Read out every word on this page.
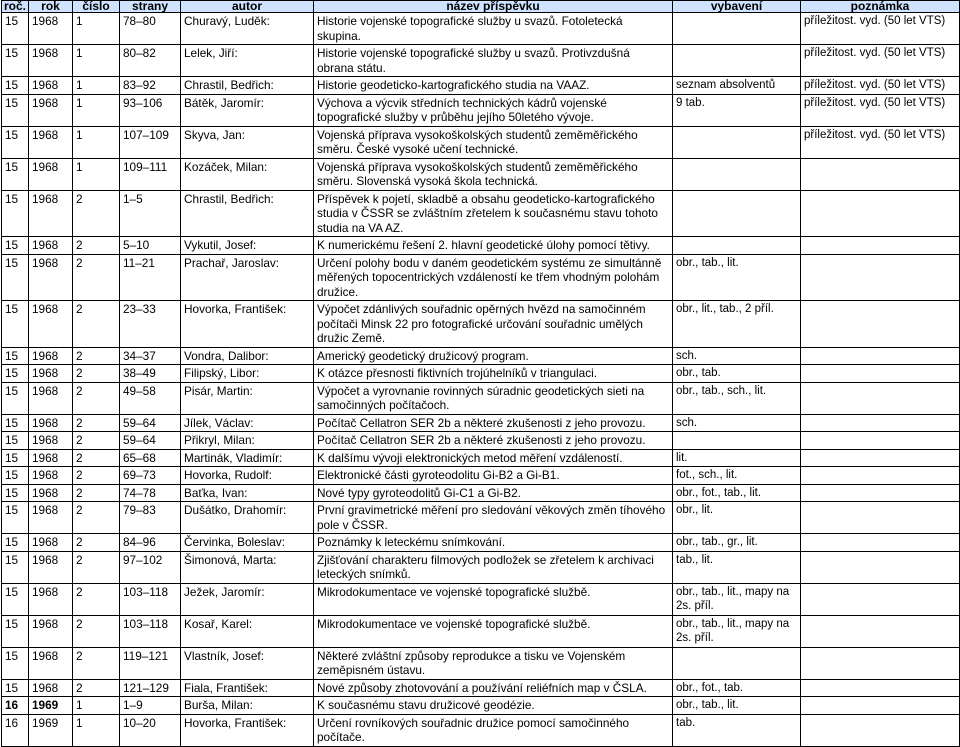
roč.	rok	číslo	strany	autor	název příspěvku	vybavení	poznámka
15	1968	1	78–80	Churavý, Luděk:	Historie vojenské topografické služby u svazů. Fotoletecká skupina.		příležitost. vyd. (50 let VTS)
15	1968	1	80–82	Lelek, Jiří:	Historie vojenské topografické služby u svazů. Protivzdušná obrana státu.		příležitost. vyd. (50 let VTS)
15	1968	1	83–92	Chrastil, Bedřich:	Historie geodeticko-kartografického studia na VAAZ.	seznam absolventů	příležitost. vyd. (50 let VTS)
15	1968	1	93–106	Bátěk, Jaromír:	Výchova a výcvik středních technických kádrů vojenské topografické služby v průběhu jejího 50letého vývoje.	9 tab.	příležitost. vyd. (50 let VTS)
15	1968	1	107–109	Skyva, Jan:	Vojenská příprava vysokoškolských studentů zeměměřického směru. České vysoké učení technické.		příležitost. vyd. (50 let VTS)
15	1968	1	109–111	Kozáček, Milan:	Vojenská příprava vysokoškolských studentů zeměměřického směru. Slovenská vysoká škola technická.		
15	1968	2	1–5	Chrastil, Bedřich:	Příspěvek k pojetí, skladbě a obsahu geodeticko-kartografického studia v ČSSR se zvláštním zřetelem k současnému stavu tohoto studia na VA AZ.		
15	1968	2	5–10	Vykutil, Josef:	K numerickému řešení 2. hlavní geodetické úlohy pomocí tětivy.		
15	1968	2	11–21	Prachař, Jaroslav:	Určení polohy bodu v daném geodetickém systému ze simultánně měřených topocentrických vzdáleností ke třem vhodným polohám družice.	obr., tab., lit.	
15	1968	2	23–33	Hovorka, František:	Výpočet zdánlivých souřadnic opěrných hvězd na samočinném počítači Minsk 22 pro fotografické určování souřadnic umělých družic Země.	obr., lit., tab., 2 příl.	
15	1968	2	34–37	Vondra, Dalibor:	Americký geodetický družicový program.	sch.	
15	1968	2	38–49	Filipský, Libor:	K otázce přesnosti fiktivních trojúhelníků v triangulaci.	obr., tab.	
15	1968	2	49–58	Pisár, Martin:	Výpočet a vyrovnanie rovinných súradnic geodetických sieti na samočinných počítačoch.	obr., tab., sch., lit.	
15	1968	2	59–64	Jílek, Václav:	Počítač Cellatron SER 2b a některé zkušenosti z jeho provozu.	sch.	
15	1968	2	59–64	Přikryl, Milan:	Počítač Cellatron SER 2b a některé zkušenosti z jeho provozu.		
15	1968	2	65–68	Martinák, Vladimír:	K dalšímu vývoji elektronických metod měření vzdáleností.	lit.	
15	1968	2	69–73	Hovorka, Rudolf:	Elektronické části gyroteodolitu Gi-B2 a Gi-B1.	fot., sch., lit.	
15	1968	2	74–78	Baťka, Ivan:	Nové typy gyroteodolitů Gi-C1 a Gi-B2.	obr., fot., tab., lit.	
15	1968	2	79–83	Dušátko, Drahomír:	První gravimetrické měření pro sledování věkových změn tíhového pole v ČSSR.	obr., lit.	
15	1968	2	84–96	Červinka, Boleslav:	Poznámky k leteckému snímkování.	obr., tab., gr., lit.	
15	1968	2	97–102	Šimonová, Marta:	Zjišťování charakteru filmových podložek se zřetelem k archivaci leteckých snímků.	tab., lit.	
15	1968	2	103–118	Ježek, Jaromír:	Mikrodokumentace ve vojenské topografické službě.	obr., tab., lit., mapy na 2s. příl.	
15	1968	2	103–118	Kosař, Karel:	Mikrodokumentace ve vojenské topografické službě.	obr., tab., lit., mapy na 2s. příl.	
15	1968	2	119–121	Vlastník, Josef:	Některé zvláštní způsoby reprodukce a tisku ve Vojenském zeměpisném ústavu.		
15	1968	2	121–129	Fiala, František:	Nové způsoby zhotovování a používání reliéfních map v ČSLA.	obr., fot., tab.	
16	1969	1	1–9	Burša, Milan:	K současnému stavu družicové geodézie.	obr., tab., lit.	
16	1969	1	10–20	Hovorka, František:	Určení rovníkových souřadnic družice pomocí samočinného počítače.	tab.	
